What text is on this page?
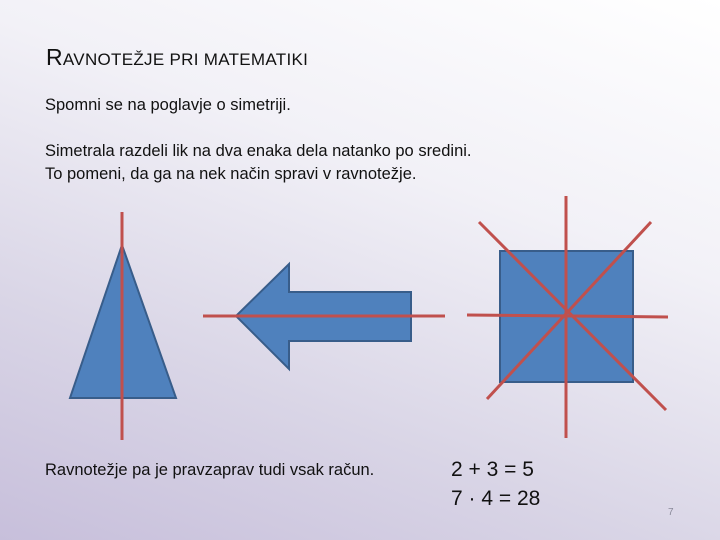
RAVNOTEŽJE PRI MATEMATIKI
Spomni se na poglavje o simetriji.
Simetrala razdeli lik na dva enaka dela natanko po sredini.
To pomeni, da ga na nek način spravi v ravnotežje.
Ravnotežje pa je pravzaprav tudi vsak račun.	2 + 3 = 5
7 · 4 = 28
7
